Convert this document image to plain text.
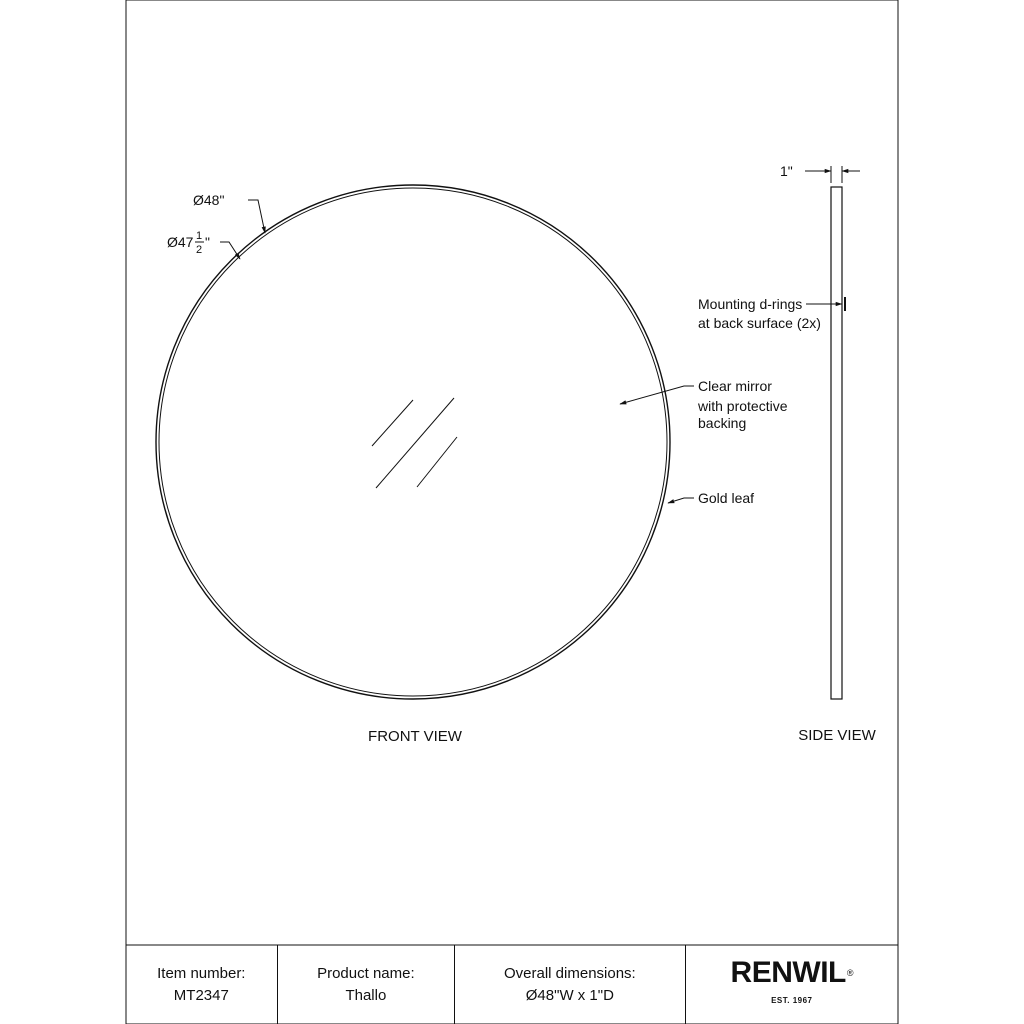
Ø48"
Ø47 1
2 "
Clear mirror
with protective
backing
Gold leaf
1"
Mounting d-rings
at back surface (2x)
FRONT VIEW	SIDE VIEW
Item number:
MT2347
Product name:
Thallo
Overall dimensions:
Ø48"W x 1"D
RENWIL®
EST. 1967
